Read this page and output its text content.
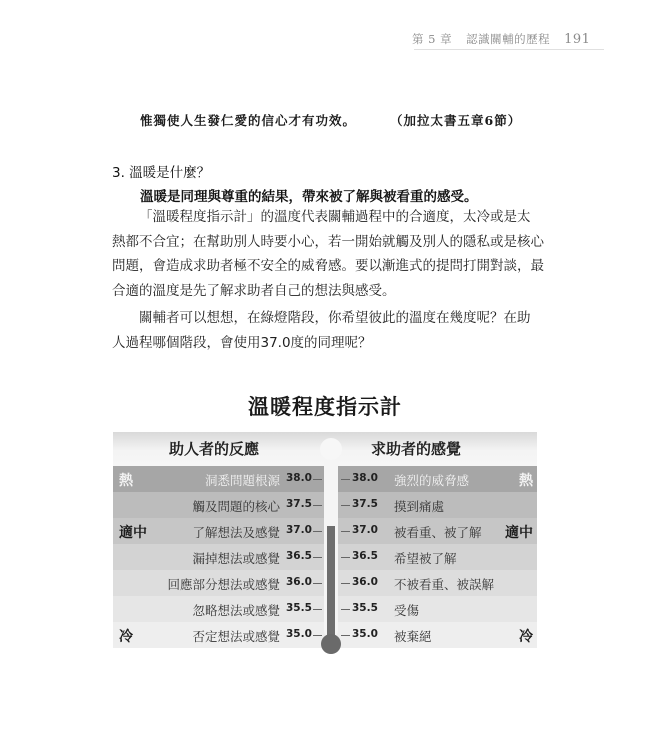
第 5 章 認識關輔的歷程 191
惟獨使人生發仁愛的信心才有功效。	（加拉太書五章6節）
3. 溫暖是什麼？
溫暖是同理與尊重的結果，帶來被了解與被看重的感受。
「溫暖程度指示計」的溫度代表關輔過程中的合適度，太冷或是太
熱都不合宜；在幫助別人時要小心，若一開始就觸及別人的隱私或是核心
問題，會造成求助者極不安全的威脅感。要以漸進式的提問打開對談，最
合適的溫度是先了解求助者自己的想法與感受。
關輔者可以想想，在綠燈階段，你希望彼此的溫度在幾度呢？在助
人過程哪個階段，會使用37.0度的同理呢？
溫暖程度指示計
助人者的反應	求助者的感覺
熱	洞悉問題根源 38.0	38.0 強烈的威脅感	熱
觸及問題的核心 37.5	37.5 摸到痛處
適中	了解想法及感覺 37.0	37.0 被看重、被了解 適中
漏掉想法或感覺 36.5	36.5 希望被了解
回應部分想法或感覺 36.0	36.0 不被看重、被誤解
忽略想法或感覺 35.5	35.5 受傷
冷	否定想法或感覺 35.0	35.0 被棄絕	冷
